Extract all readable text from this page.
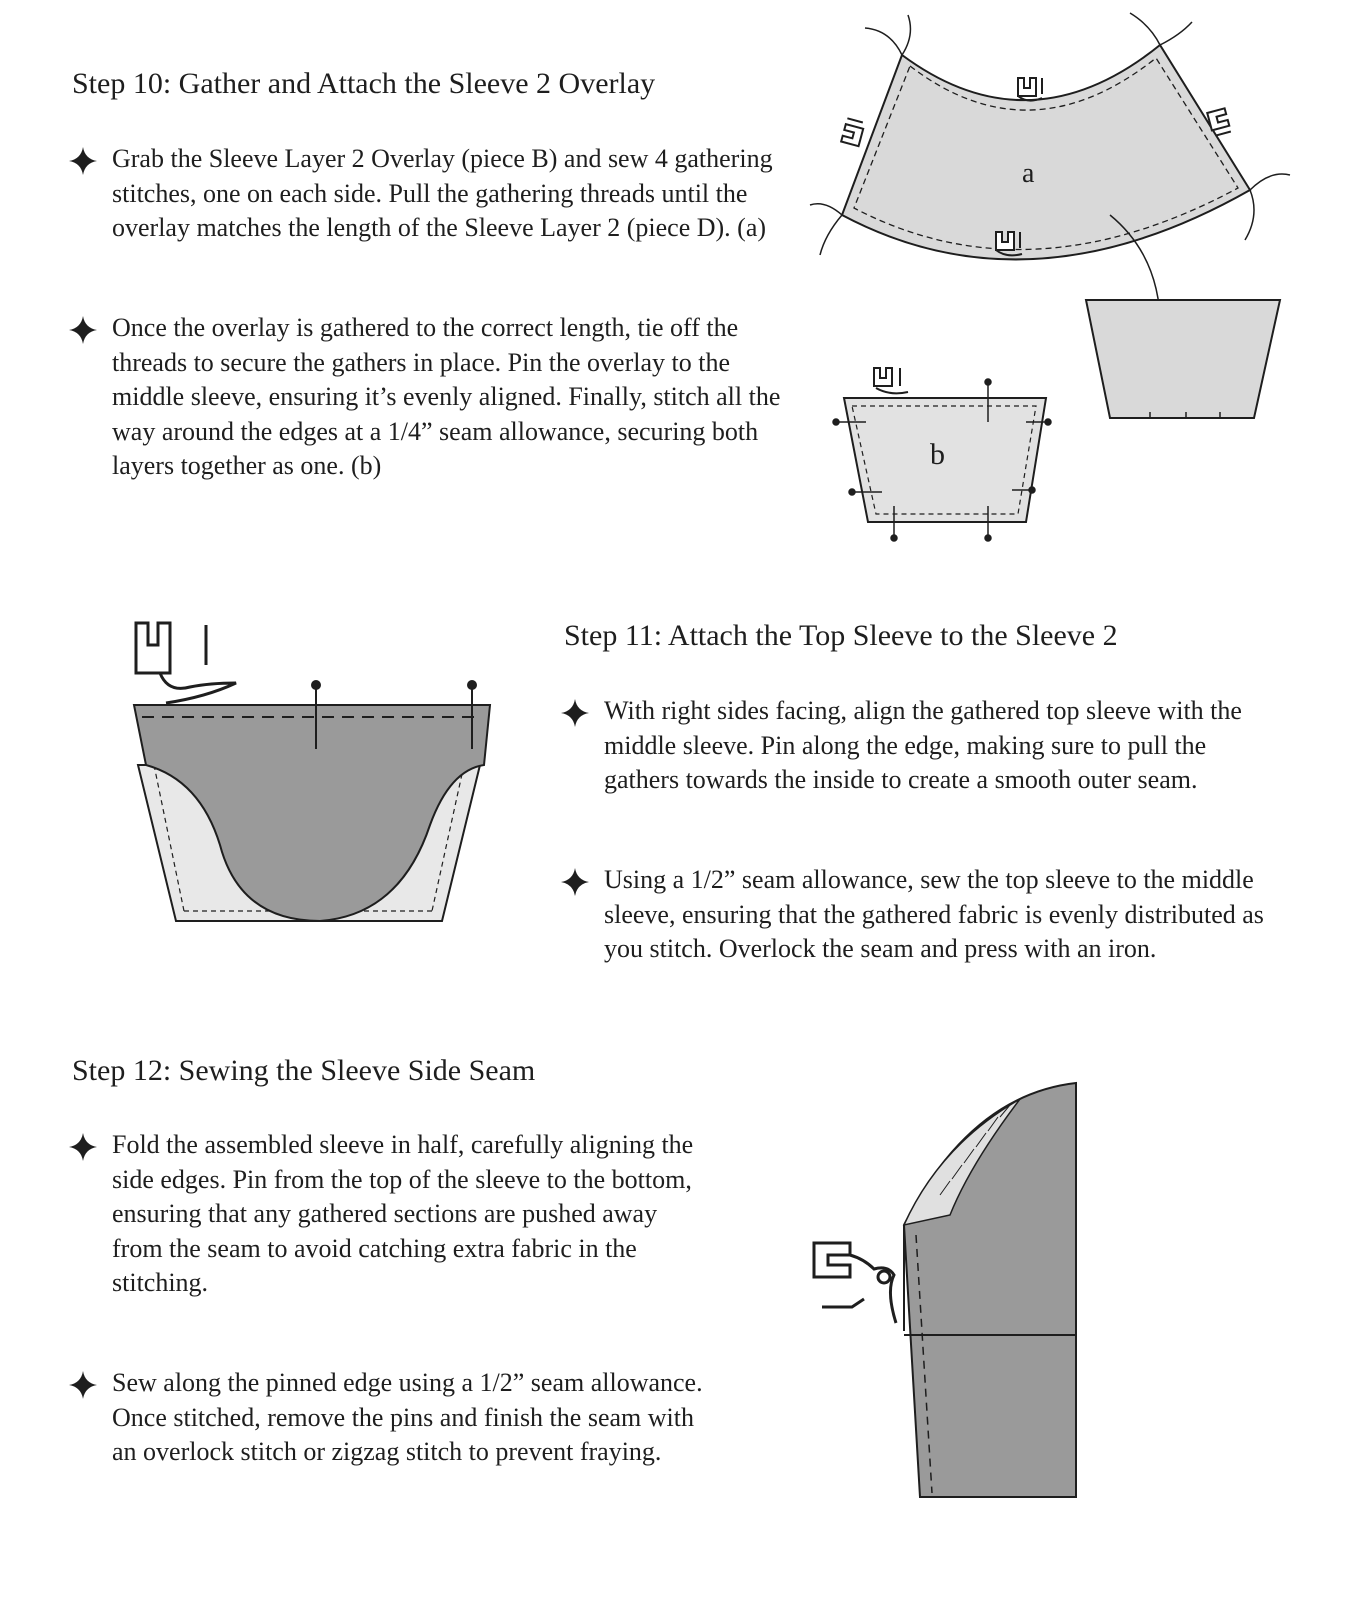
Step 10: Gather and Attach the Sleeve 2 Overlay

Grab the Sleeve Layer 2 Overlay (piece B) and sew 4 gathering stitches, one on each side. Pull the gathering threads until the overlay matches the length of the Sleeve Layer 2 (piece D). (a)

Once the overlay is gathered to the correct length, tie off the threads to secure the gathers in place. Pin the overlay to the middle sleeve, ensuring it’s evenly aligned. Finally, stitch all the way around the edges at a 1/4” seam allowance, securing both layers together as one. (b)

a
b
Step 11: Attach the Top Sleeve to the Sleeve 2

With right sides facing, align the gathered top sleeve with the middle sleeve. Pin along the edge, making sure to pull the gathers towards the inside to create a smooth outer seam.

Using a 1/2” seam allowance, sew the top sleeve to the middle sleeve, ensuring that the gathered fabric is evenly distributed as you stitch. Overlock the seam and press with an iron.

Step 12: Sewing the Sleeve Side Seam

Fold the assembled sleeve in half, carefully aligning the side edges. Pin from the top of the sleeve to the bottom, ensuring that any gathered sections are pushed away from the seam to avoid catching extra fabric in the stitching.

Sew along the pinned edge using a 1/2” seam allowance. Once stitched, remove the pins and finish the seam with an overlock stitch or zigzag stitch to prevent fraying.
